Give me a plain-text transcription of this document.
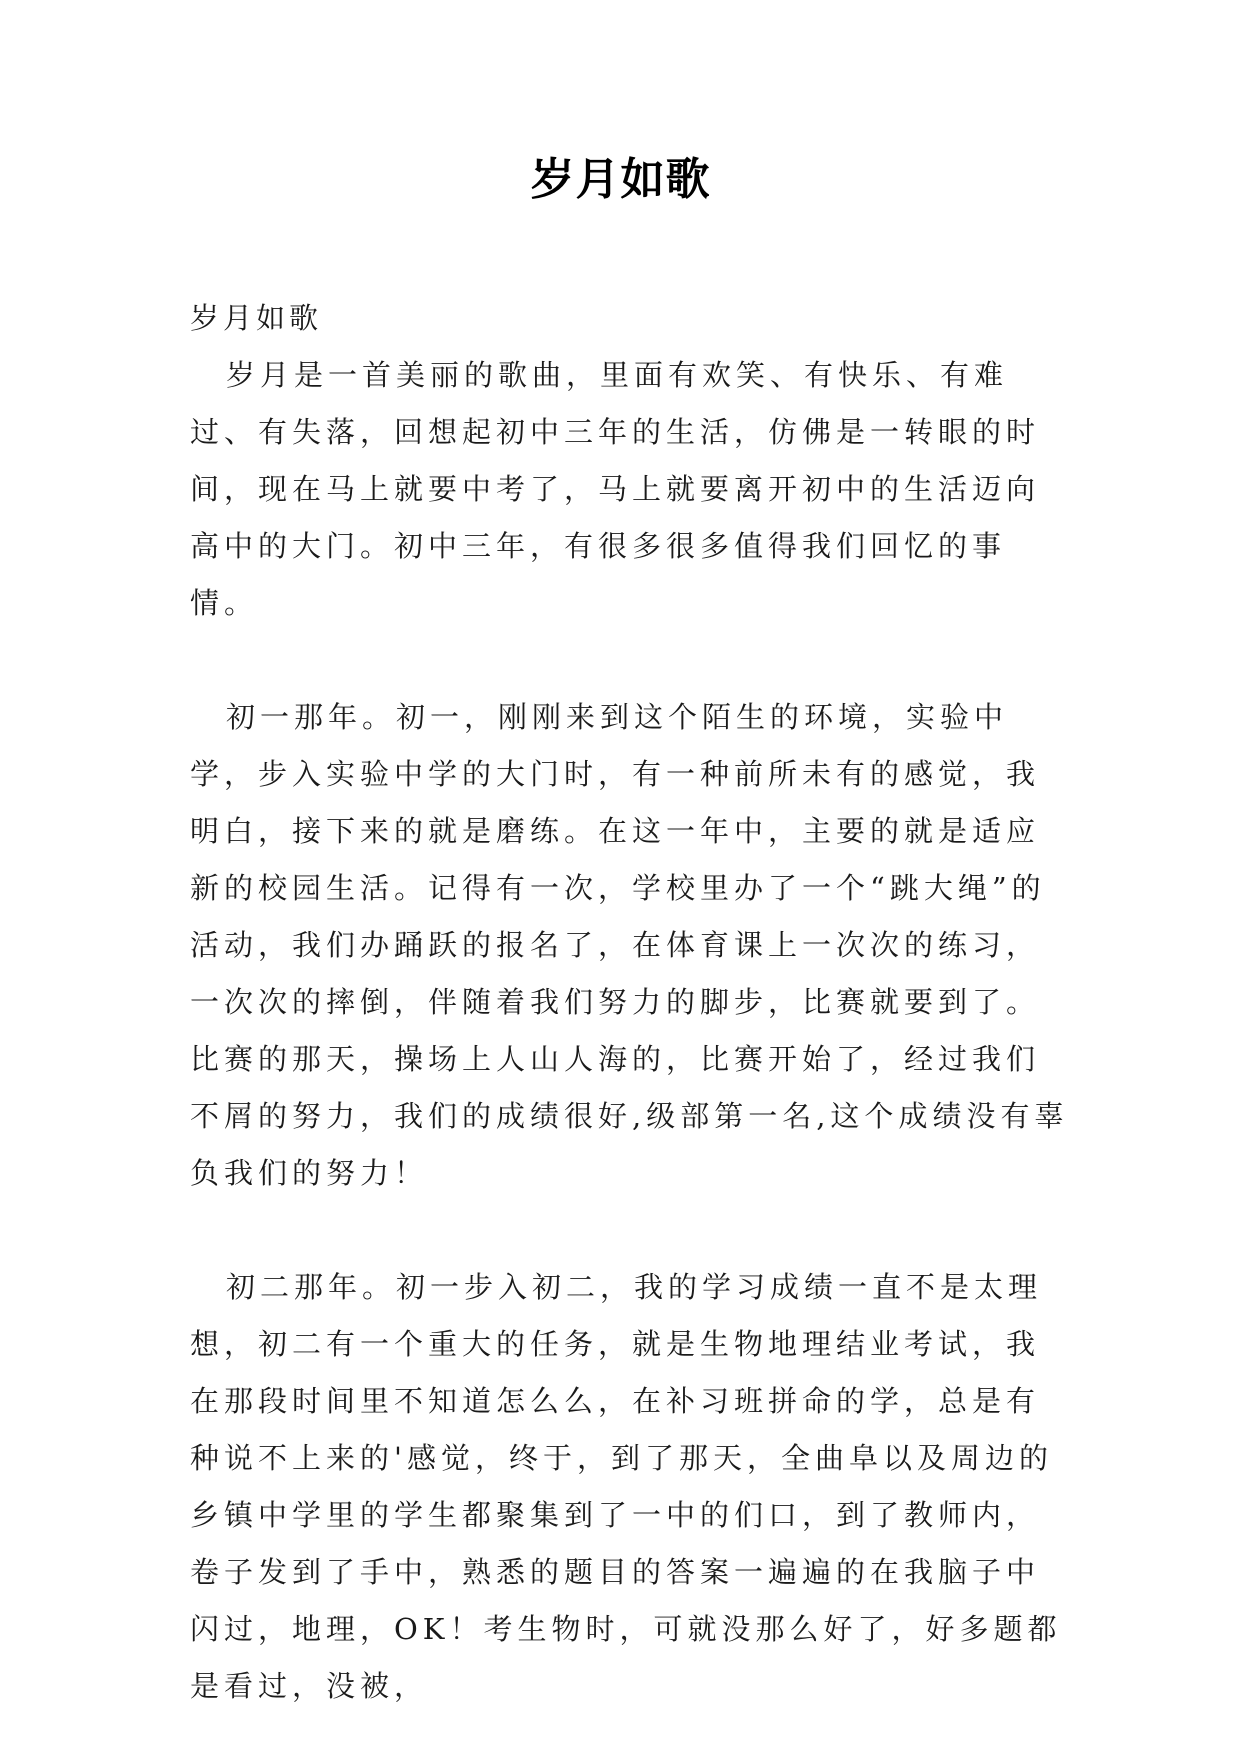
岁月如歌

岁月如歌

岁月是一首美丽的歌曲，里面有欢笑、有快乐、有难过、有失落，回想起初中三年的生活，仿佛是一转眼的时间，现在马上就要中考了，马上就要离开初中的生活迈向高中的大门。初中三年，有很多很多值得我们回忆的事情。

初一那年。初一，刚刚来到这个陌生的环境，实验中学，步入实验中学的大门时，有一种前所未有的感觉，我明白，接下来的就是磨练。在这一年中，主要的就是适应新的校园生活。记得有一次，学校里办了一个“跳大绳”的活动，我们办踊跃的报名了，在体育课上一次次的练习，一次次的摔倒，伴随着我们努力的脚步，比赛就要到了。比赛的那天，操场上人山人海的，比赛开始了，经过我们不屑的努力，我们的成绩很好,级部第一名,这个成绩没有辜负我们的努力！

初二那年。初一步入初二，我的学习成绩一直不是太理想，初二有一个重大的任务，就是生物地理结业考试，我在那段时间里不知道怎么么，在补习班拼命的学，总是有种说不上来的'感觉，终于，到了那天，全曲阜以及周边的乡镇中学里的学生都聚集到了一中的们口，到了教师内，卷子发到了手中，熟悉的题目的答案一遍遍的在我脑子中闪过，地理，OK！考生物时，可就没那么好了，好多题都是看过，没被，
